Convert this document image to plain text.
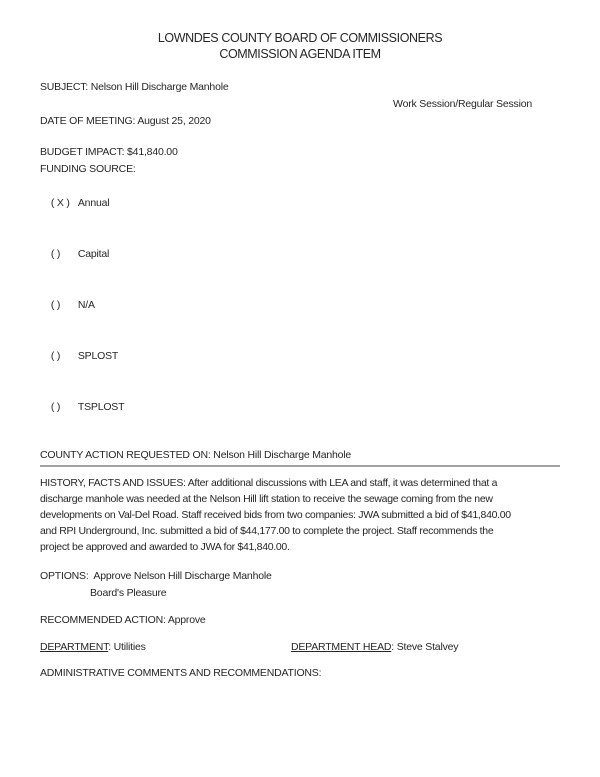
LOWNDES COUNTY BOARD OF COMMISSIONERS
COMMISSION AGENDA ITEM
SUBJECT: Nelson Hill Discharge Manhole
Work Session/Regular Session
DATE OF MEETING: August 25, 2020
BUDGET IMPACT: $41,840.00
FUNDING SOURCE:

( X ) Annual

( ) Capital

( ) N/A

( ) SPLOST

( ) TSPLOST

COUNTY ACTION REQUESTED ON: Nelson Hill Discharge Manhole
HISTORY, FACTS AND ISSUES: After additional discussions with LEA and staff, it was determined that a
discharge manhole was needed at the Nelson Hill lift station to receive the sewage coming from the new
developments on Val-Del Road. Staff received bids from two companies: JWA submitted a bid of $41,840.00
and RPI Underground, Inc. submitted a bid of $44,177.00 to complete the project. Staff recommends the
project be approved and awarded to JWA for $41,840.00.
OPTIONS:  Approve Nelson Hill Discharge Manhole
Board's Pleasure
RECOMMENDED ACTION: Approve
DEPARTMENT: Utilities	DEPARTMENT HEAD: Steve Stalvey
ADMINISTRATIVE COMMENTS AND RECOMMENDATIONS:
